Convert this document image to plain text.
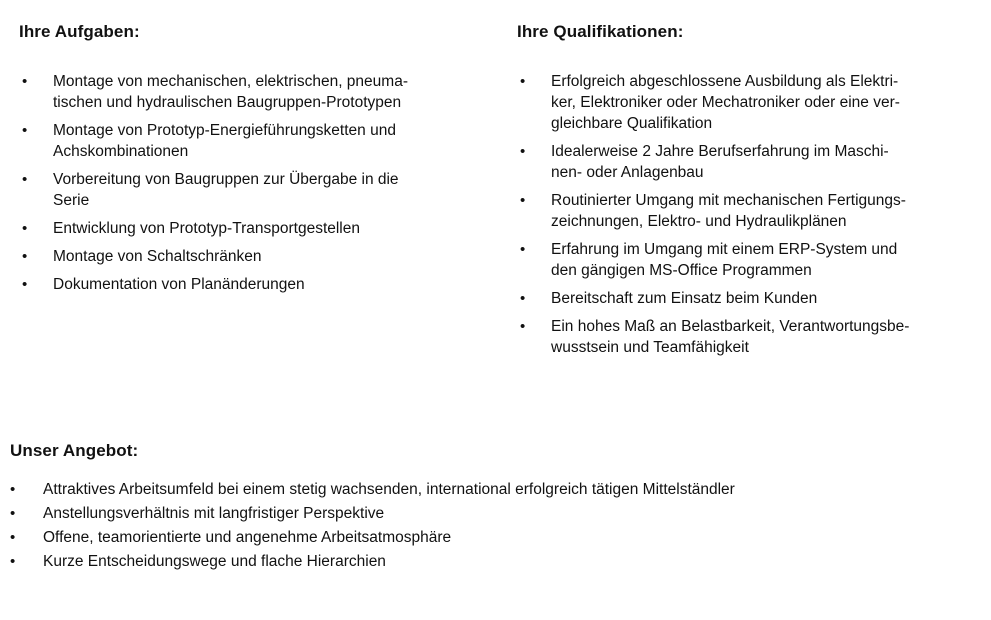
Ihre Aufgaben:
• Montage von mechanischen, elektrischen, pneuma-
tischen und hydraulischen Baugruppen-Prototypen
• Montage von Prototyp-Energieführungsketten und
Achskombinationen
• Vorbereitung von Baugruppen zur Übergabe in die
Serie
• Entwicklung von Prototyp-Transportgestellen
• Montage von Schaltschränken
• Dokumentation von Planänderungen
Ihre Qualifikationen:
• Erfolgreich abgeschlossene Ausbildung als Elektri-
ker, Elektroniker oder Mechatroniker oder eine ver-
gleichbare Qualifikation
• Idealerweise 2 Jahre Berufserfahrung im Maschi-
nen- oder Anlagenbau
• Routinierter Umgang mit mechanischen Fertigungs-
zeichnungen, Elektro- und Hydraulikplänen
• Erfahrung im Umgang mit einem ERP-System und
den gängigen MS-Office Programmen
• Bereitschaft zum Einsatz beim Kunden
• Ein hohes Maß an Belastbarkeit, Verantwortungsbe-
wusstsein und Teamfähigkeit
Unser Angebot:
• Attraktives Arbeitsumfeld bei einem stetig wachsenden, international erfolgreich tätigen Mittelständler
• Anstellungsverhältnis mit langfristiger Perspektive
• Offene, teamorientierte und angenehme Arbeitsatmosphäre
• Kurze Entscheidungswege und flache Hierarchien
